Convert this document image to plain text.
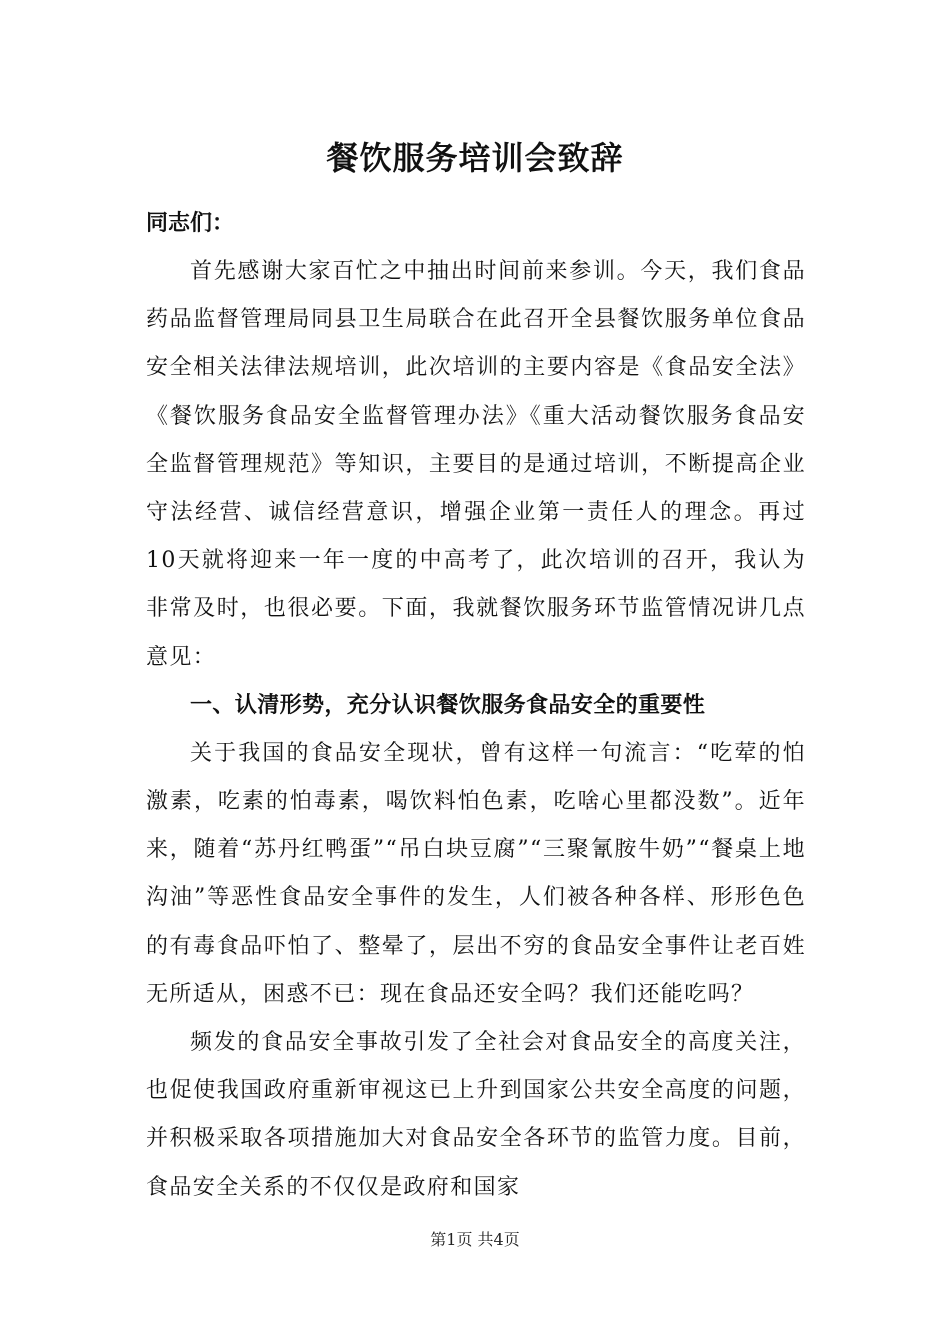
餐饮服务培训会致辞

同志们：

首先感谢大家百忙之中抽出时间前来参训。今天，我们食品药品监督管理局同县卫生局联合在此召开全县餐饮服务单位食品安全相关法律法规培训，此次培训的主要内容是《食品安全法》《餐饮服务食品安全监督管理办法》《重大活动餐饮服务食品安全监督管理规范》等知识，主要目的是通过培训，不断提高企业守法经营、诚信经营意识，增强企业第一责任人的理念。再过10天就将迎来一年一度的中高考了，此次培训的召开，我认为非常及时，也很必要。下面，我就餐饮服务环节监管情况讲几点意见：

一、认清形势，充分认识餐饮服务食品安全的重要性

关于我国的食品安全现状，曾有这样一句流言：“吃荤的怕激素，吃素的怕毒素，喝饮料怕色素，吃啥心里都没数”。近年来，随着“苏丹红鸭蛋”“吊白块豆腐”“三聚氰胺牛奶”“餐桌上地沟油”等恶性食品安全事件的发生，人们被各种各样、形形色色的有毒食品吓怕了、整晕了，层出不穷的食品安全事件让老百姓无所适从，困惑不已：现在食品还安全吗？我们还能吃吗？

频发的食品安全事故引发了全社会对食品安全的高度关注，也促使我国政府重新审视这已上升到国家公共安全高度的问题，并积极采取各项措施加大对食品安全各环节的监管力度。目前，食品安全关系的不仅仅是政府和国家

第1页 共4页
